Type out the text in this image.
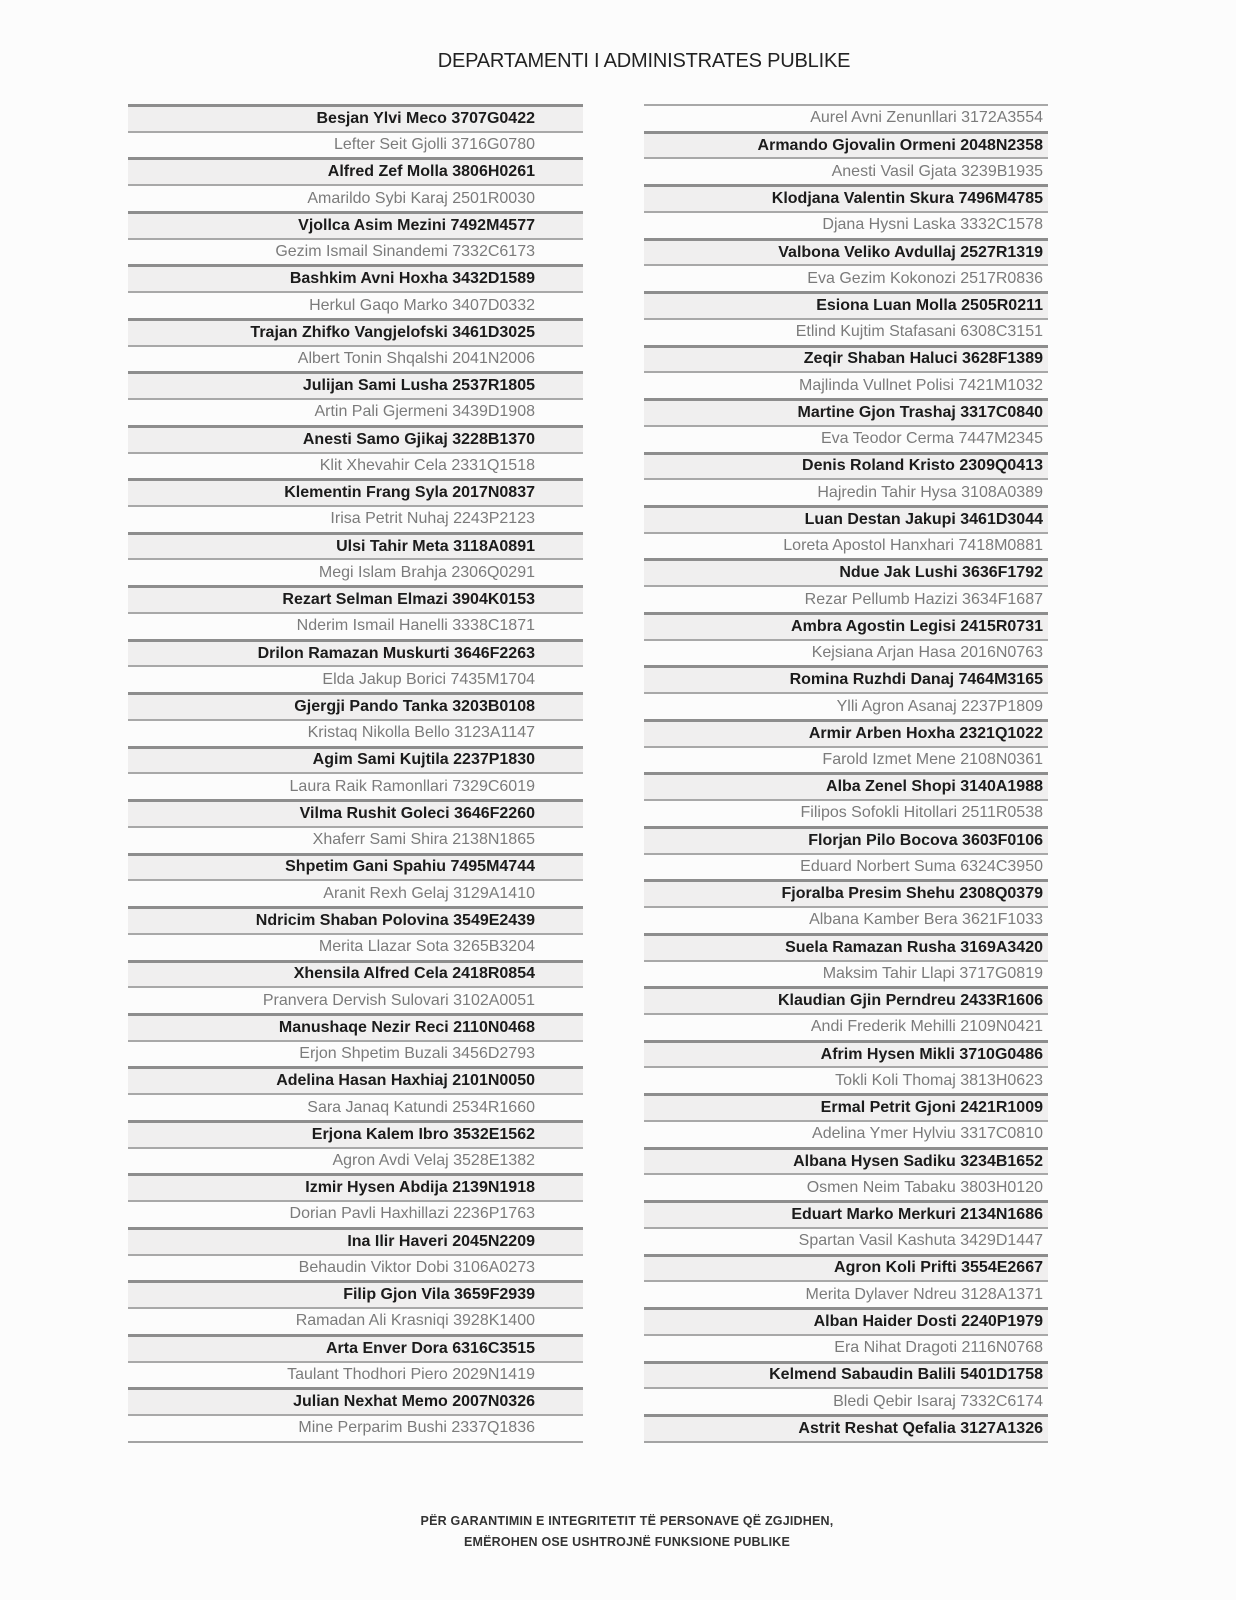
DEPARTAMENTI I ADMINISTRATES PUBLIKE
Besjan Ylvi Meco 3707G0422
Lefter Seit Gjolli 3716G0780
Alfred Zef Molla 3806H0261
Amarildo Sybi Karaj 2501R0030
Vjollca Asim Mezini 7492M4577
Gezim Ismail Sinandemi 7332C6173
Bashkim Avni Hoxha 3432D1589
Herkul Gaqo Marko 3407D0332
Trajan Zhifko Vangjelofski 3461D3025
Albert Tonin Shqalshi 2041N2006
Julijan Sami Lusha 2537R1805
Artin Pali Gjermeni 3439D1908
Anesti Samo Gjikaj 3228B1370
Klit Xhevahir Cela 2331Q1518
Klementin Frang Syla 2017N0837
Irisa Petrit Nuhaj 2243P2123
Ulsi Tahir Meta 3118A0891
Megi Islam Brahja 2306Q0291
Rezart Selman Elmazi 3904K0153
Nderim Ismail Hanelli 3338C1871
Drilon Ramazan Muskurti 3646F2263
Elda Jakup Borici 7435M1704
Gjergji Pando Tanka 3203B0108
Kristaq Nikolla Bello 3123A1147
Agim Sami Kujtila 2237P1830
Laura Raik Ramonllari 7329C6019
Vilma Rushit Goleci 3646F2260
Xhaferr Sami Shira 2138N1865
Shpetim Gani Spahiu 7495M4744
Aranit Rexh Gelaj 3129A1410
Ndricim Shaban Polovina 3549E2439
Merita Llazar Sota 3265B3204
Xhensila Alfred Cela 2418R0854
Pranvera Dervish Sulovari 3102A0051
Manushaqe Nezir Reci 2110N0468
Erjon Shpetim Buzali 3456D2793
Adelina Hasan Haxhiaj 2101N0050
Sara Janaq Katundi 2534R1660
Erjona Kalem Ibro 3532E1562
Agron Avdi Velaj 3528E1382
Izmir Hysen Abdija 2139N1918
Dorian Pavli Haxhillazi 2236P1763
Ina Ilir Haveri 2045N2209
Behaudin Viktor Dobi 3106A0273
Filip Gjon Vila 3659F2939
Ramadan Ali Krasniqi 3928K1400
Arta Enver Dora 6316C3515
Taulant Thodhori Piero 2029N1419
Julian Nexhat Memo 2007N0326
Mine Perparim Bushi 2337Q1836
Aurel Avni Zenunllari 3172A3554
Armando Gjovalin Ormeni 2048N2358
Anesti Vasil Gjata 3239B1935
Klodjana Valentin Skura 7496M4785
Djana Hysni Laska 3332C1578
Valbona Veliko Avdullaj 2527R1319
Eva Gezim Kokonozi 2517R0836
Esiona Luan Molla 2505R0211
Etlind Kujtim Stafasani 6308C3151
Zeqir Shaban Haluci 3628F1389
Majlinda Vullnet Polisi 7421M1032
Martine Gjon Trashaj 3317C0840
Eva Teodor Cerma 7447M2345
Denis Roland Kristo 2309Q0413
Hajredin Tahir Hysa 3108A0389
Luan Destan Jakupi 3461D3044
Loreta Apostol Hanxhari 7418M0881
Ndue Jak Lushi 3636F1792
Rezar Pellumb Hazizi 3634F1687
Ambra Agostin Legisi 2415R0731
Kejsiana Arjan Hasa 2016N0763
Romina Ruzhdi Danaj 7464M3165
Ylli Agron Asanaj 2237P1809
Armir Arben Hoxha 2321Q1022
Farold Izmet Mene 2108N0361
Alba Zenel Shopi 3140A1988
Filipos Sofokli Hitollari 2511R0538
Florjan Pilo Bocova 3603F0106
Eduard Norbert Suma 6324C3950
Fjoralba Presim Shehu 2308Q0379
Albana Kamber Bera 3621F1033
Suela Ramazan Rusha 3169A3420
Maksim Tahir Llapi 3717G0819
Klaudian Gjin Perndreu 2433R1606
Andi Frederik Mehilli 2109N0421
Afrim Hysen Mikli 3710G0486
Tokli Koli Thomaj 3813H0623
Ermal Petrit Gjoni 2421R1009
Adelina Ymer Hylviu 3317C0810
Albana Hysen Sadiku 3234B1652
Osmen Neim Tabaku 3803H0120
Eduart Marko Merkuri 2134N1686
Spartan Vasil Kashuta 3429D1447
Agron Koli Prifti 3554E2667
Merita Dylaver Ndreu 3128A1371
Alban Haider Dosti 2240P1979
Era Nihat Dragoti 2116N0768
Kelmend Sabaudin Balili 5401D1758
Bledi Qebir Isaraj 7332C6174
Astrit Reshat Qefalia 3127A1326
PËR GARANTIMIN E INTEGRITETIT TË PERSONAVE QË ZGJIDHEN,
EMËROHEN OSE USHTROJNË FUNKSIONE PUBLIKE
